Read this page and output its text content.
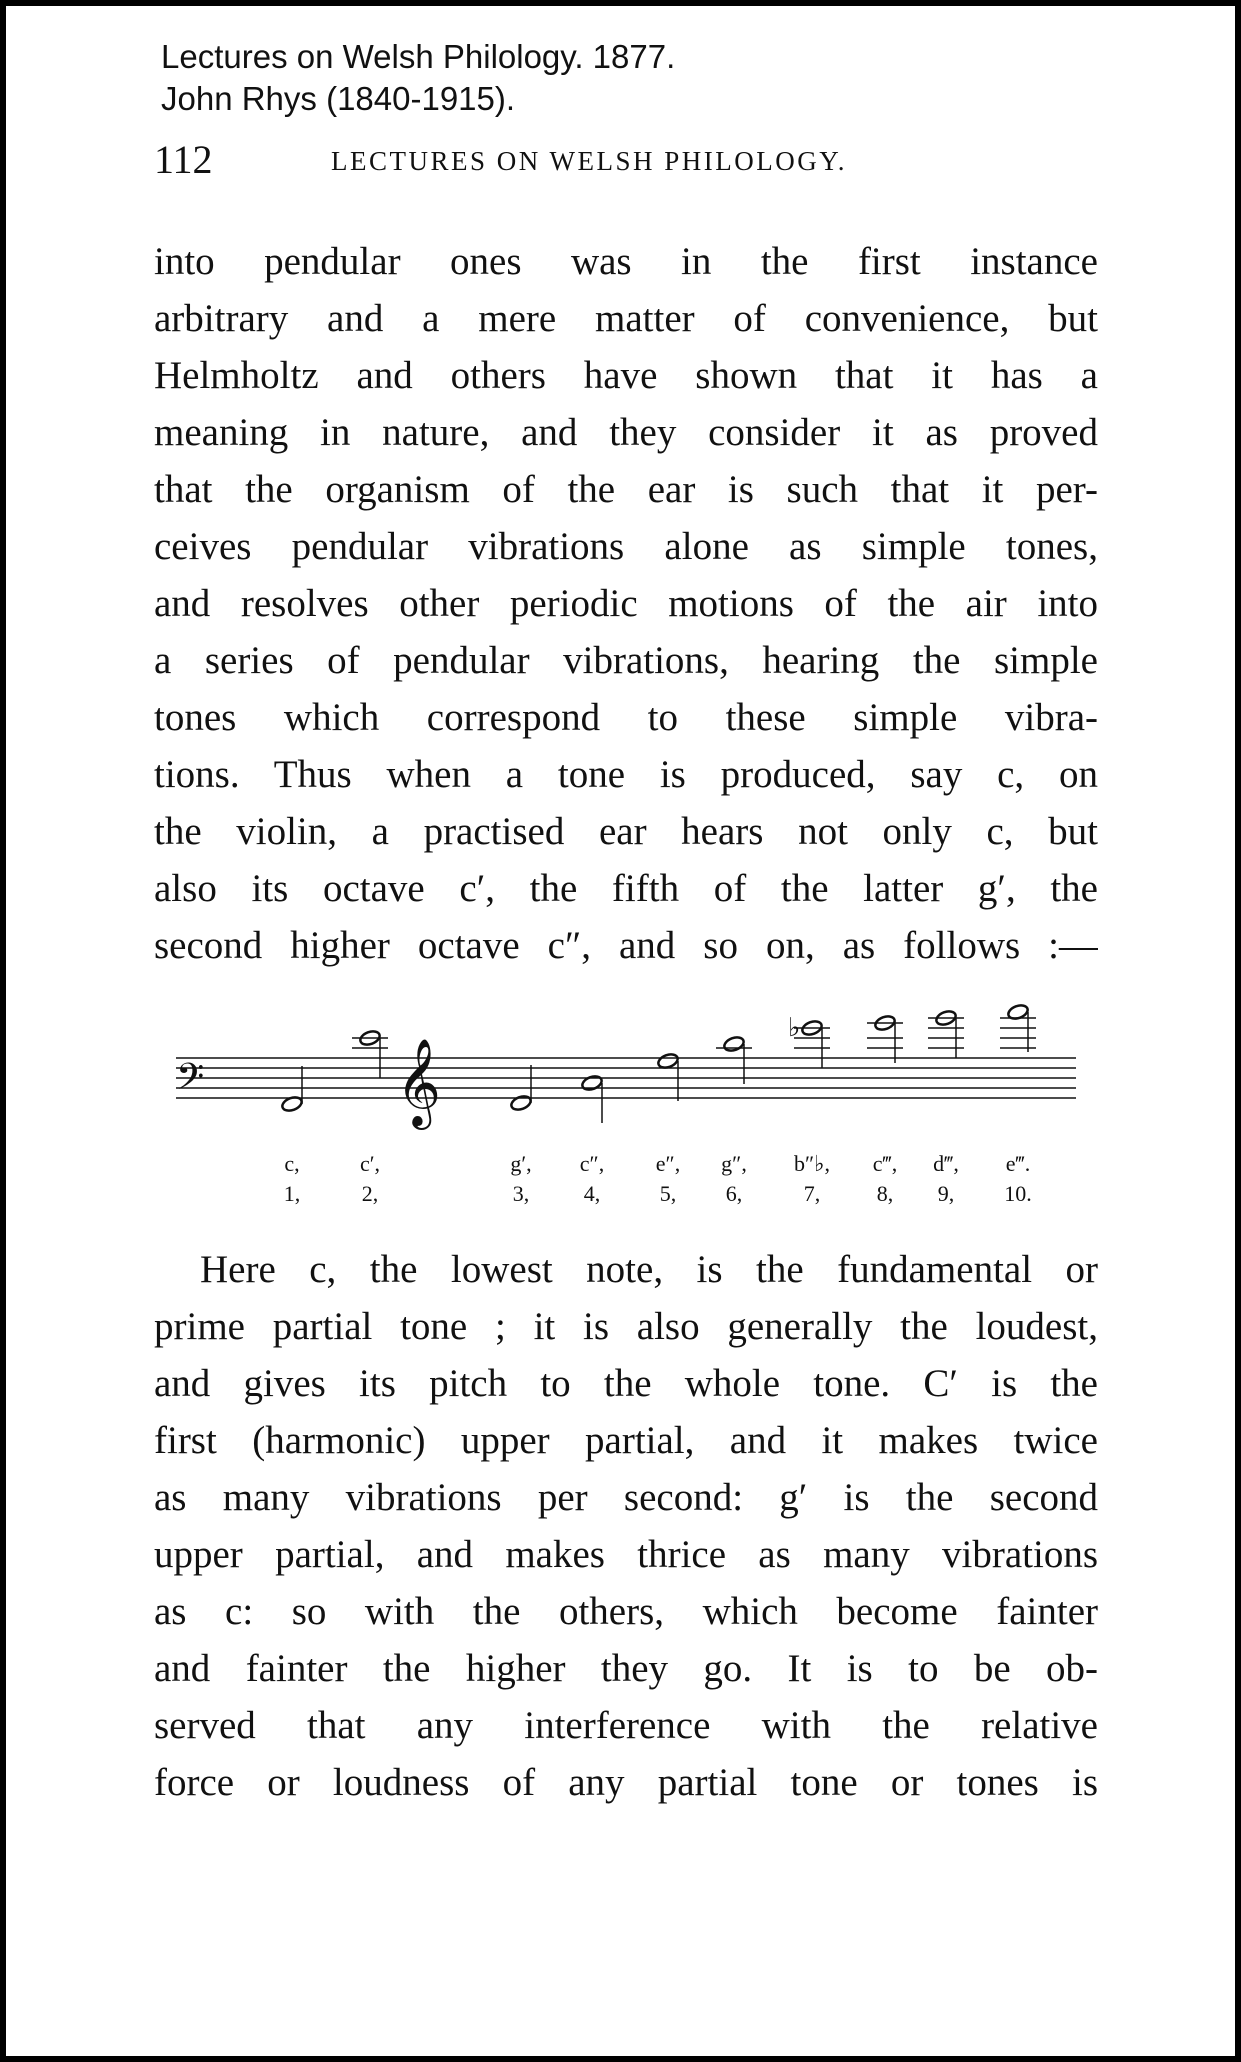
Lectures on Welsh Philology. 1877.
John Rhys (1840-1915).
112	LECTURES ON WELSH PHILOLOGY.
into pendular ones was in the first instance
arbitrary and a mere matter of convenience, but
Helmholtz and others have shown that it has a
meaning in nature, and they consider it as proved
that the organism of the ear is such that it per-
ceives pendular vibrations alone as simple tones,
and resolves other periodic motions of the air into
a series of pendular vibrations, hearing the simple
tones which correspond to these simple vibra-
tions. Thus when a tone is produced, say c, on
the violin, a practised ear hears not only c, but
also its octave c′, the fifth of the latter g′, the
second higher octave c″, and so on, as follows :—
𝄢	𝄞
♭
c,	c′,	g′, c″, e″, g″, b″♭, c‴, d‴, e‴.
1,	2,	3, 4,	5, 6,	7,	8, 9, 10.
Here c, the lowest note, is the fundamental or
prime partial tone ; it is also generally the loudest,
and gives its pitch to the whole tone. C′ is the
first (harmonic) upper partial, and it makes twice
as many vibrations per second: g′ is the second
upper partial, and makes thrice as many vibrations
as c: so with the others, which become fainter
and fainter the higher they go. It is to be ob-
served that any interference with the relative
force or loudness of any partial tone or tones is
